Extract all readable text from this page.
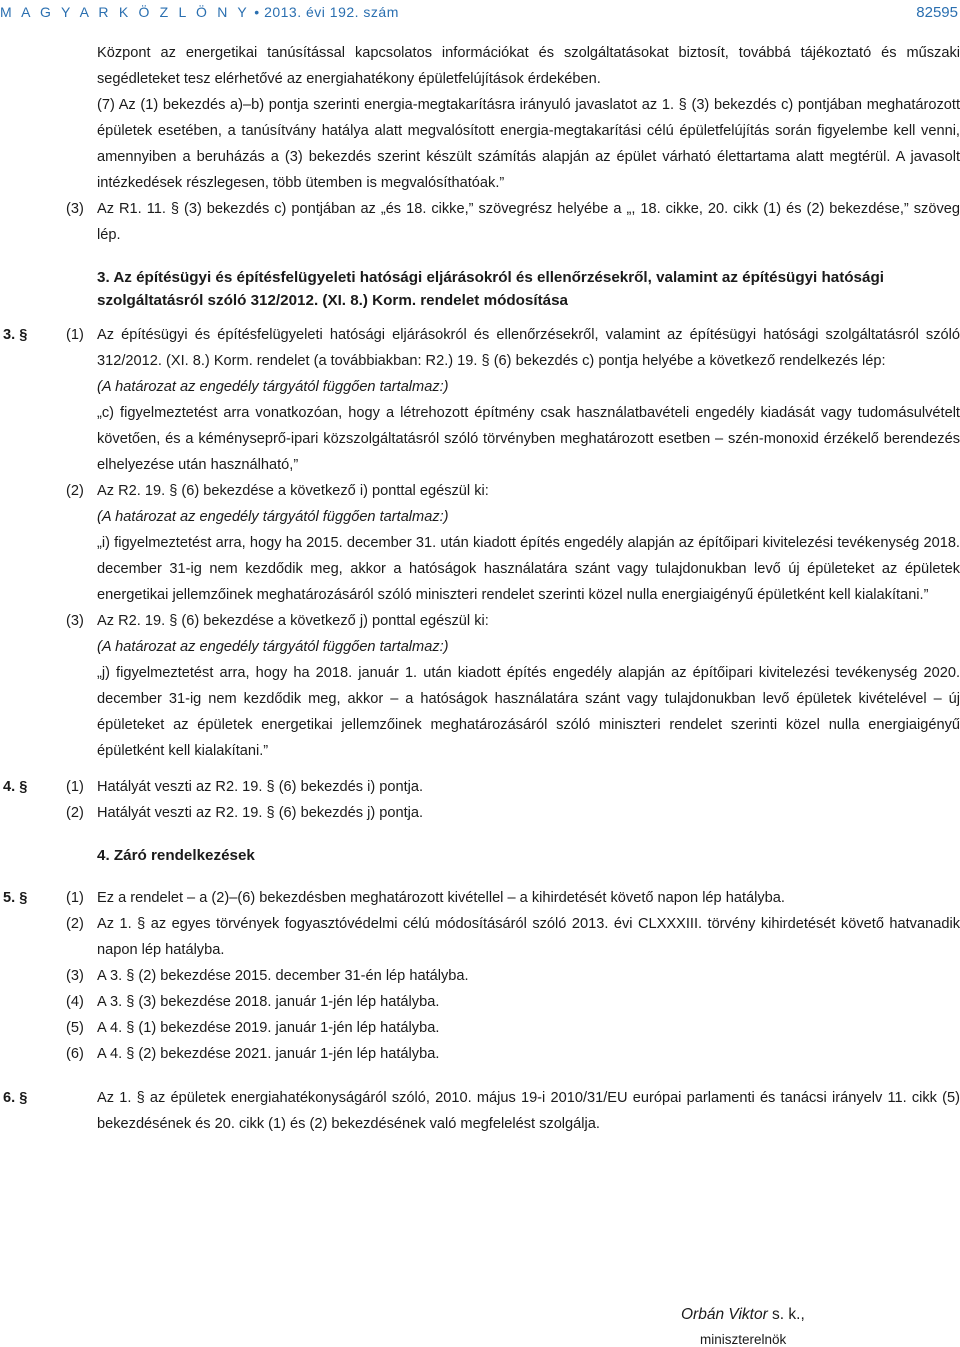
M A G Y A R K Ö Z L Ö N Y • 2013. évi 192. szám	82595
Központ az energetikai tanúsítással kapcsolatos információkat és szolgáltatásokat biztosít, továbbá tájékoztató és műszaki segédleteket tesz elérhetővé az energiahatékony épületfelújítások érdekében.
(7) Az (1) bekezdés a)–b) pontja szerinti energia-megtakarításra irányuló javaslatot az 1. § (3) bekezdés c) pontjában meghatározott épületek esetében, a tanúsítvány hatálya alatt megvalósított energia-megtakarítási célú épületfelújítás során figyelembe kell venni, amennyiben a beruházás a (3) bekezdés szerint készült számítás alapján az épület várható élettartama alatt megtérül. A javasolt intézkedések részlegesen, több ütemben is megvalósíthatóak.”
(3) Az R1. 11. § (3) bekezdés c) pontjában az „és 18. cikke,” szövegrész helyébe a „, 18. cikke, 20. cikk (1) és (2) bekezdése,” szöveg lép.
3. Az építésügyi és építésfelügyeleti hatósági eljárásokról és ellenőrzésekről, valamint az építésügyi hatósági szolgáltatásról szóló 312/2012. (XI. 8.) Korm. rendelet módosítása
3. §	(1) Az építésügyi és építésfelügyeleti hatósági eljárásokról és ellenőrzésekről, valamint az építésügyi hatósági szolgáltatásról szóló 312/2012. (XI. 8.) Korm. rendelet (a továbbiakban: R2.) 19. § (6) bekezdés c) pontja helyébe a következő rendelkezés lép:
(A határozat az engedély tárgyától függően tartalmaz:)
„c) figyelmeztetést arra vonatkozóan, hogy a létrehozott építmény csak használatbavételi engedély kiadását vagy tudomásulvételt követően, és a kéményseprő-ipari közszolgáltatásról szóló törvényben meghatározott esetben – szén-monoxid érzékelő berendezés elhelyezése után használható,”
(2) Az R2. 19. § (6) bekezdése a következő i) ponttal egészül ki:
(A határozat az engedély tárgyától függően tartalmaz:)
„i) figyelmeztetést arra, hogy ha 2015. december 31. után kiadott építés engedély alapján az építőipari kivitelezési tevékenység 2018. december 31-ig nem kezdődik meg, akkor a hatóságok használatára szánt vagy tulajdonukban levő új épületeket az épületek energetikai jellemzőinek meghatározásáról szóló miniszteri rendelet szerinti közel nulla energiaigényű épületként kell kialakítani.”
(3) Az R2. 19. § (6) bekezdése a következő j) ponttal egészül ki:
(A határozat az engedély tárgyától függően tartalmaz:)
„j) figyelmeztetést arra, hogy ha 2018. január 1. után kiadott építés engedély alapján az építőipari kivitelezési tevékenység 2020. december 31-ig nem kezdődik meg, akkor – a hatóságok használatára szánt vagy tulajdonukban levő épületek kivételével – új épületeket az épületek energetikai jellemzőinek meghatározásáról szóló miniszteri rendelet szerinti közel nulla energiaigényű épületként kell kialakítani.”
4. §	(1) Hatályát veszti az R2. 19. § (6) bekezdés i) pontja.
(2) Hatályát veszti az R2. 19. § (6) bekezdés j) pontja.
4. Záró rendelkezések
5. §	(1) Ez a rendelet – a (2)–(6) bekezdésben meghatározott kivétellel – a kihirdetését követő napon lép hatályba.
(2) Az 1. § az egyes törvények fogyasztóvédelmi célú módosításáról szóló 2013. évi CLXXXIII. törvény kihirdetését követő hatvanadik napon lép hatályba.
(3) A 3. § (2) bekezdése 2015. december 31-én lép hatályba.
(4) A 3. § (3) bekezdése 2018. január 1-jén lép hatályba.
(5) A 4. § (1) bekezdése 2019. január 1-jén lép hatályba.
(6) A 4. § (2) bekezdése 2021. január 1-jén lép hatályba.
6. §	Az 1. § az épületek energiahatékonyságáról szóló, 2010. május 19-i 2010/31/EU európai parlamenti és tanácsi irányelv 11. cikk (5) bekezdésének és 20. cikk (1) és (2) bekezdésének való megfelelést szolgálja.
Orbán Viktor s. k.,
miniszterelnök
